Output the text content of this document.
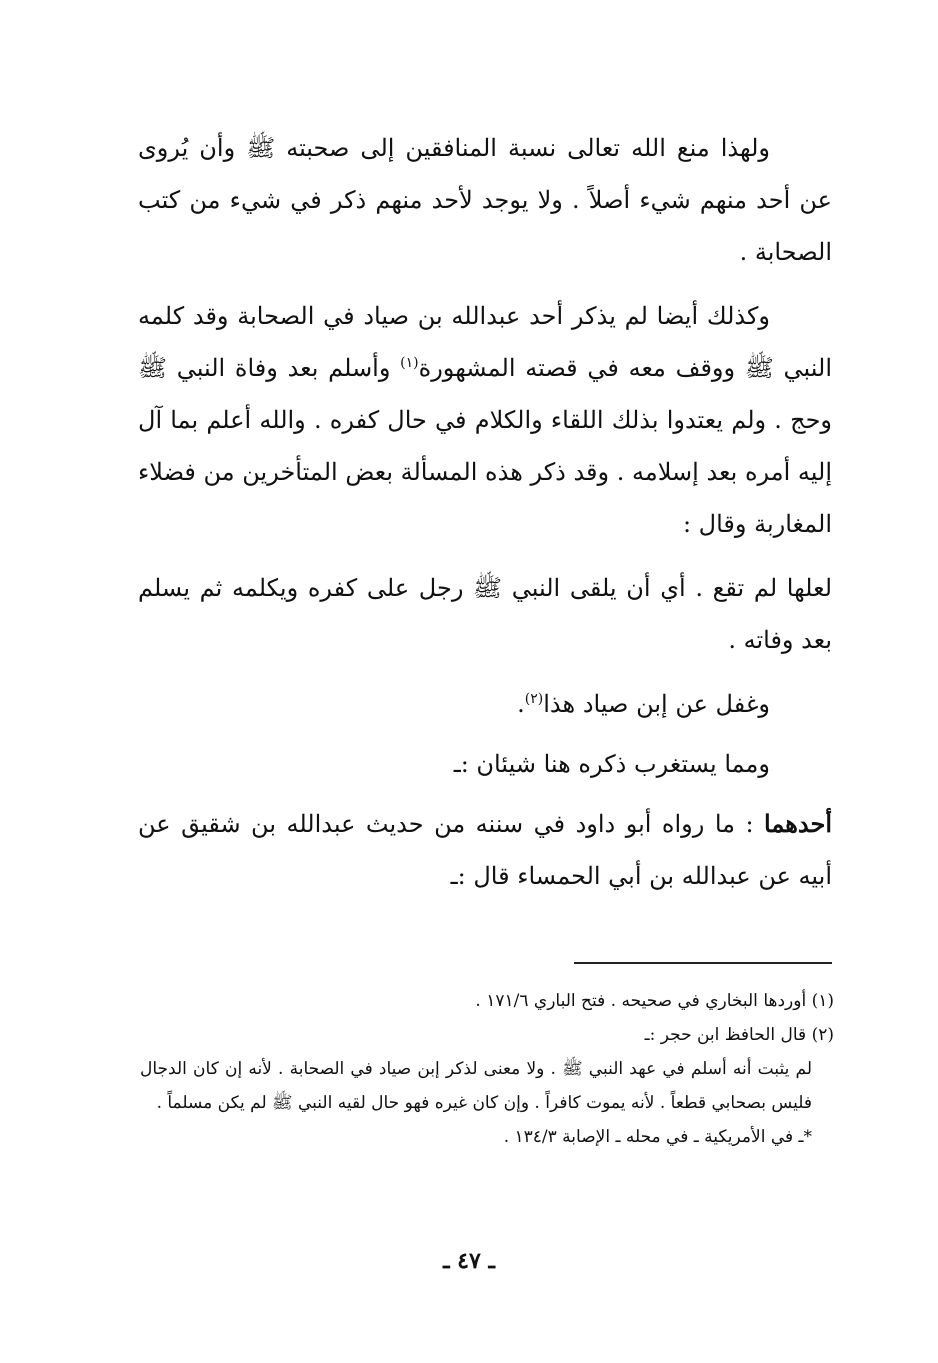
ولهذا منع الله تعالى نسبة المنافقين إلى صحبته ﷺ وأن يُروى عن أحد منهم شيء أصلاً . ولا يوجد لأحد منهم ذكر في شيء من كتب الصحابة .

وكذلك أيضا لم يذكر أحد عبدالله بن صياد في الصحابة وقد كلمه النبي ﷺ ووقف معه في قصته المشهورة$^{(١)}$ وأسلم بعد وفاة النبي ﷺ وحج . ولم يعتدوا بذلك اللقاء والكلام في حال كفره . والله أعلم بما آل إليه أمره بعد إسلامه . وقد ذكر هذه المسألة بعض المتأخرين من فضلاء المغاربة وقال :

لعلها لم تقع . أي أن يلقى النبي ﷺ رجل على كفره ويكلمه ثم يسلم بعد وفاته .

وغفل عن إبن صياد هذا$^{(٢)}$.

ومما يستغرب ذكره هنا شيئان :ـ

أحدهما : ما رواه أبو داود في سننه من حديث عبدالله بن شقيق عن أبيه عن عبدالله بن أبي الحمساء قال :ـ

(١) أوردها البخاري في صحيحه . فتح الباري ١٧١/٦ .

(٢) قال الحافظ ابن حجر :ـ

لم يثبت أنه أسلم في عهد النبي ﷺ . ولا معنى لذكر إبن صياد في الصحابة . لأنه إن كان الدجال فليس بصحابي قطعاً . لأنه يموت كافراً . وإن كان غيره فهو حال لقيه النبي ﷺ لم يكن مسلماً .

*ـ في الأمريكية ـ في محله ـ الإصابة ١٣٤/٣ .

ـ ٤٧ ـ
